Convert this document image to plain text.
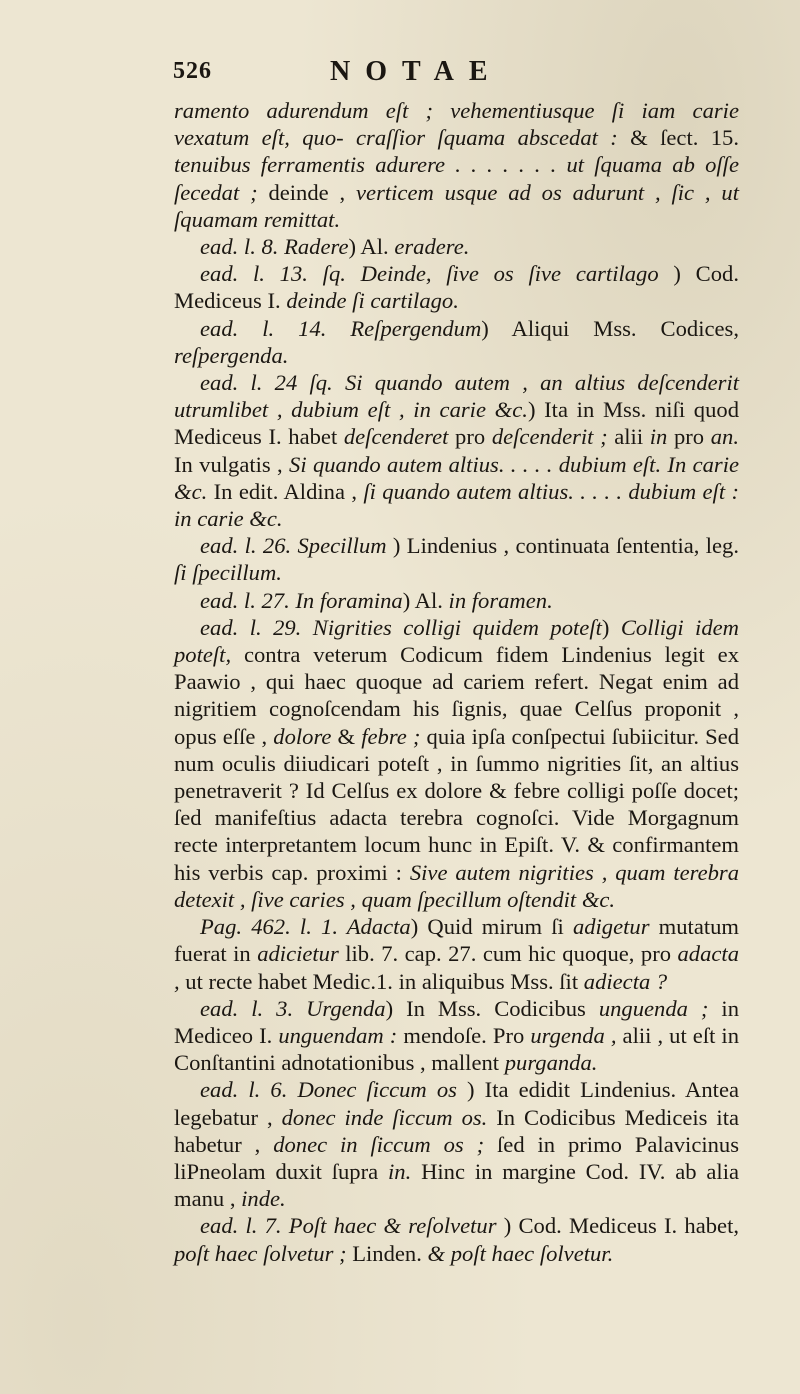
526	NOTAE

ramento adurendum eſt ; vehementiusque ſi iam carie vexatum eſt, quo- craſſior ſquama abscedat : & ſect. 15. tenuibus ferramentis adurere . . . . . . . ut ſquama ab oſſe ſecedat ; deinde , verticem usque ad os adurunt , ſic , ut ſquamam remittat.

ead. l. 8. Radere) Al. eradere.

ead. l. 13. ſq. Deinde, ſive os ſive cartilago ) Cod. Mediceus I. deinde ſi cartilago.

ead. l. 14. Reſpergendum) Aliqui Mss. Codices, reſpergenda.

ead. l. 24 ſq. Si quando autem , an altius deſcenderit utrumlibet , dubium eſt , in carie &c.) Ita in Mss. niſi quod Mediceus I. habet deſcenderet pro deſcenderit ; alii in pro an. In vulgatis , Si quando autem altius. . . . . dubium eſt. In carie &c. In edit. Aldina , ſi quando autem altius. . . . . dubium eſt : in carie &c.

ead. l. 26. Specillum ) Lindenius , continuata ſententia, leg. ſi ſpecillum.

ead. l. 27. In foramina) Al. in foramen.

ead. l. 29. Nigrities colligi quidem poteſt) Colligi idem poteſt, contra veterum Codicum fidem Lindenius legit ex Paawio , qui haec quoque ad cariem refert. Negat enim ad nigritiem cognoſcendam his ſignis, quae Celſus proponit , opus eſſe , dolore & febre ; quia ipſa conſpectui ſubiicitur. Sed num oculis diiudicari poteſt , in ſummo nigrities ſit, an altius penetraverit ? Id Celſus ex dolore & febre colligi poſſe docet; ſed manifeſtius adacta terebra cognoſci. Vide Morgagnum recte interpretantem locum hunc in Epiſt. V. & confirmantem his verbis cap. proximi : Sive autem nigrities , quam terebra detexit , ſive caries , quam ſpecillum oſtendit &c.

Pag. 462. l. 1. Adacta) Quid mirum ſi adigetur mutatum fuerat in adicietur lib. 7. cap. 27. cum hic quoque, pro adacta , ut recte habet Medic.1. in aliquibus Mss. ſit adiecta ?

ead. l. 3. Urgenda) In Mss. Codicibus unguenda ; in Mediceo I. unguendam : mendoſe. Pro urgenda , alii , ut eſt in Conſtantini adnotationibus , mallent purganda.

ead. l. 6. Donec ſiccum os ) Ita edidit Lindenius. Antea legebatur , donec inde ſiccum os. In Codicibus Mediceis ita habetur , donec in ſiccum os ; ſed in primo Palavicinus liPneolam duxit ſupra in. Hinc in margine Cod. IV. ab alia manu , inde.

ead. l. 7. Poſt haec & reſolvetur ) Cod. Mediceus I. habet, poſt haec ſolvetur ; Linden. & poſt haec ſolvetur.
